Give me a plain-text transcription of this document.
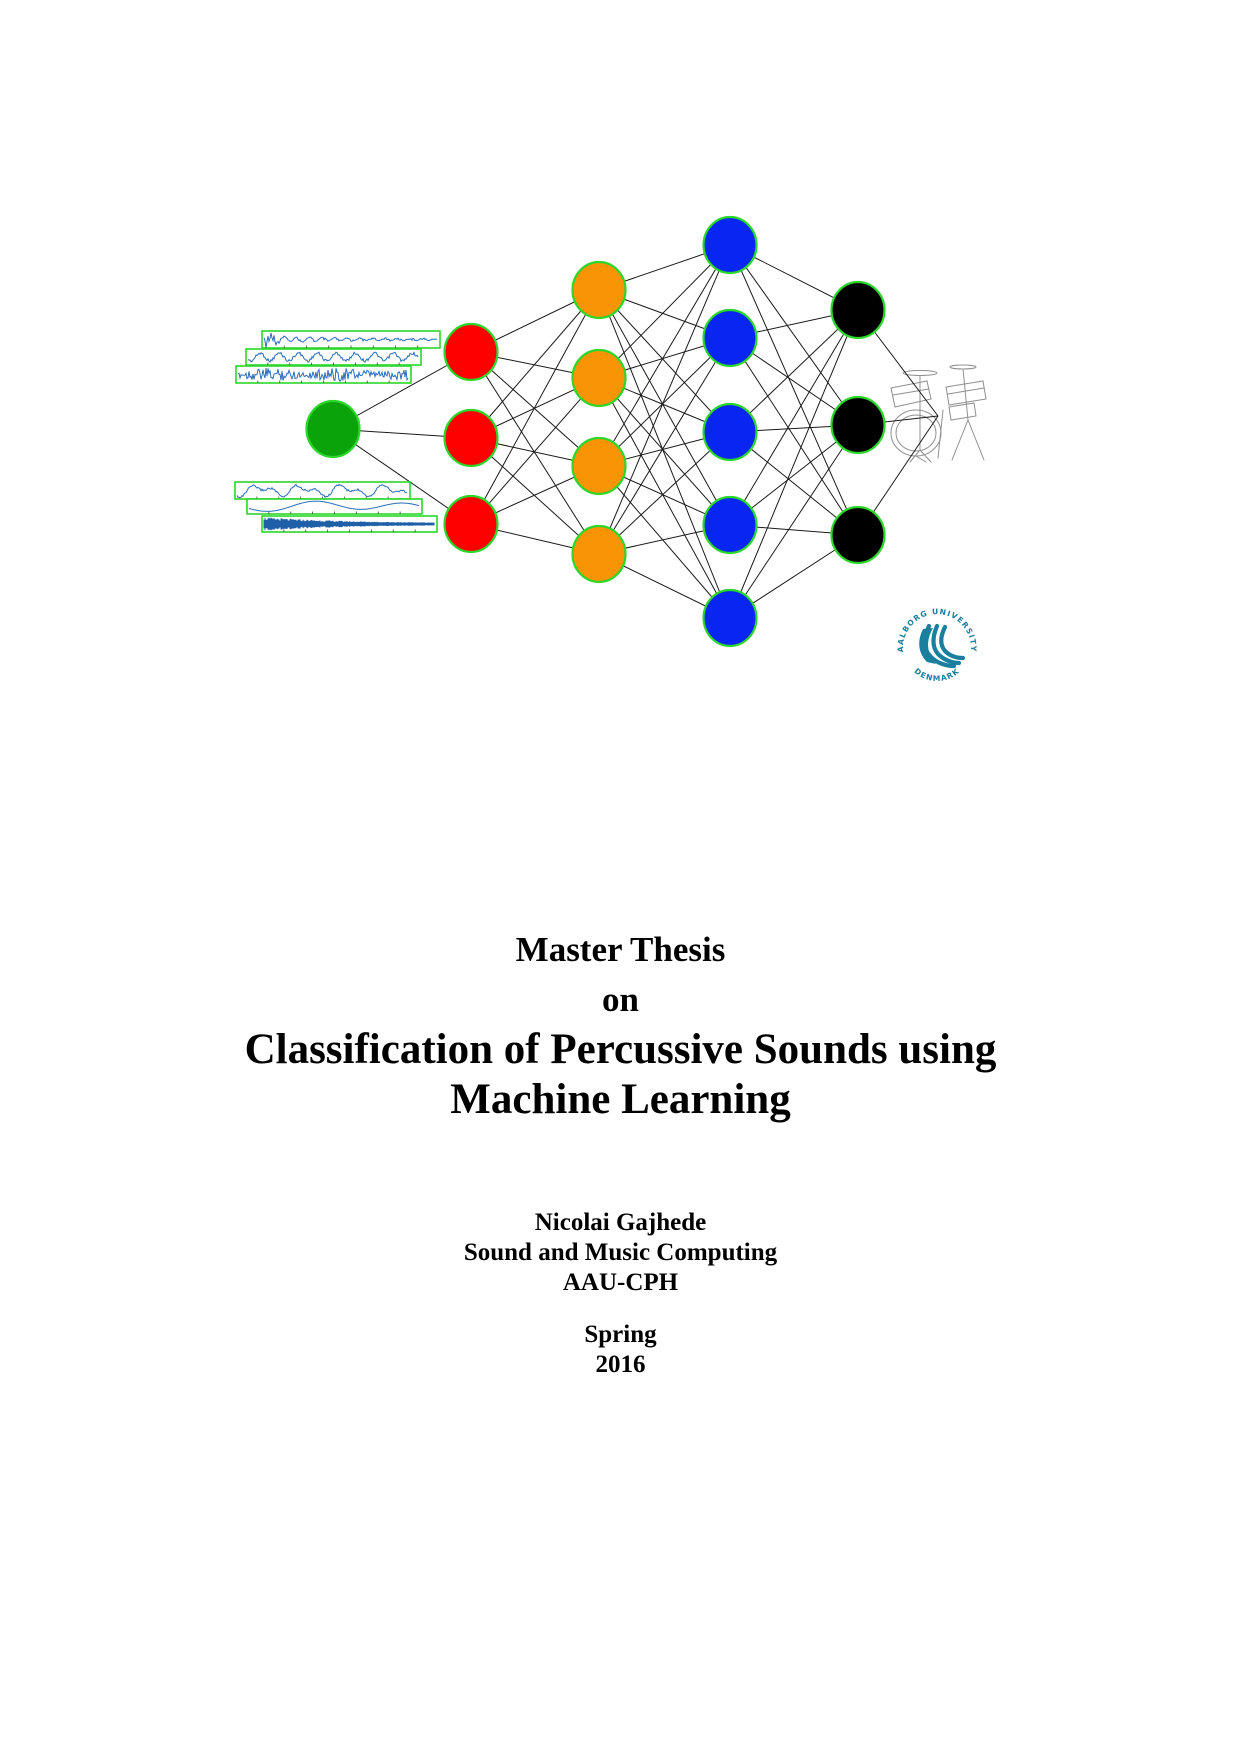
AALBORG UNIVERSITY
DENMARK
Master Thesis
on
Classification of Percussive Sounds using
Machine Learning
Nicolai Gajhede
Sound and Music Computing
AAU-CPH
Spring
2016
